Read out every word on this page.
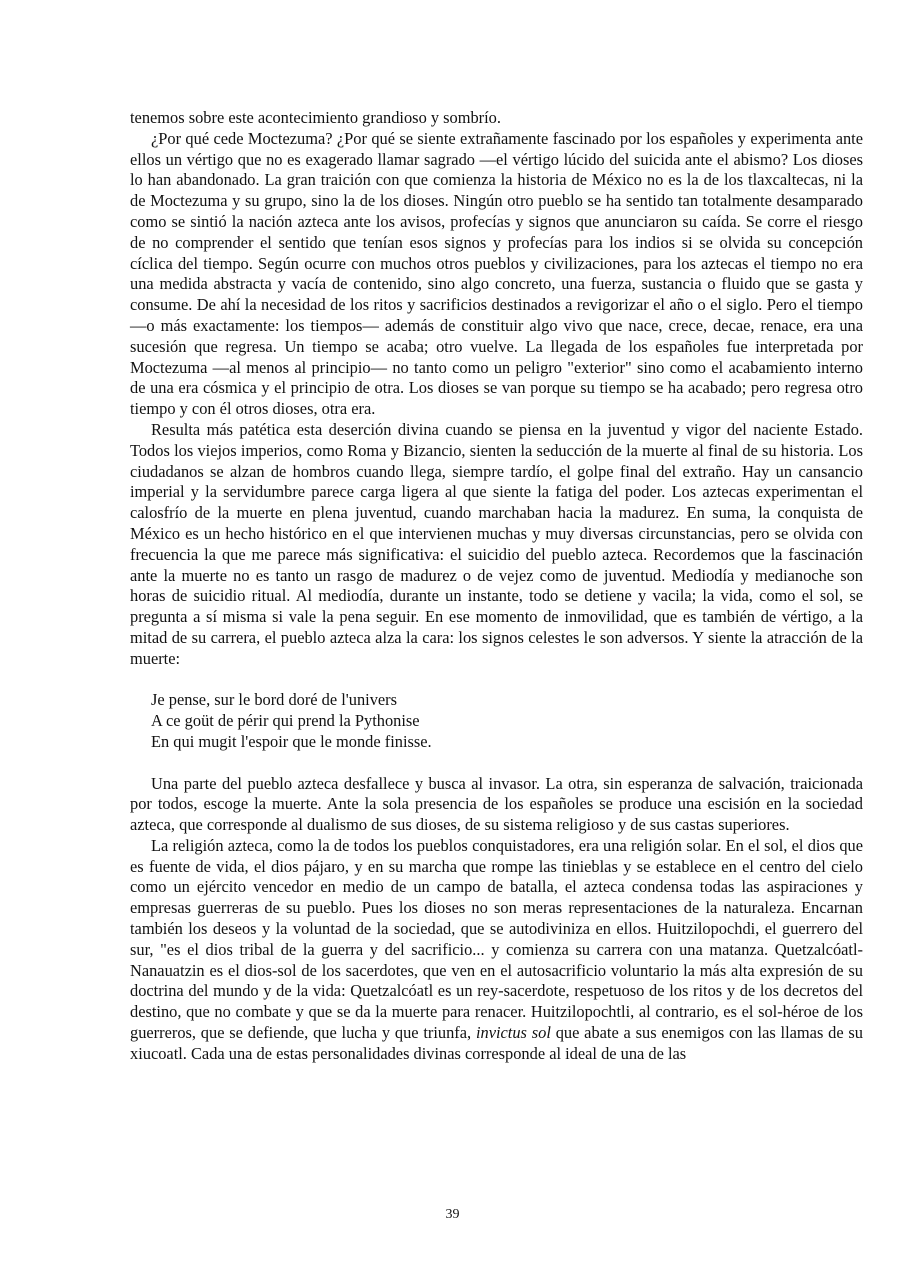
tenemos sobre este acontecimiento grandioso y sombrío.

¿Por qué cede Moctezuma? ¿Por qué se siente extrañamente fascinado por los españoles y experimenta ante ellos un vértigo que no es exagerado llamar sagrado —el vértigo lúcido del suicida ante el abismo? Los dioses lo han abandonado. La gran traición con que comienza la historia de México no es la de los tlaxcaltecas, ni la de Moctezuma y su grupo, sino la de los dioses. Ningún otro pueblo se ha sentido tan totalmente desamparado como se sintió la nación azteca ante los avisos, profecías y signos que anunciaron su caída. Se corre el riesgo de no comprender el sentido que tenían esos signos y profecías para los indios si se olvida su concepción cíclica del tiempo. Según ocurre con muchos otros pueblos y civilizaciones, para los aztecas el tiempo no era una medida abstracta y vacía de contenido, sino algo concreto, una fuerza, sustancia o fluido que se gasta y consume. De ahí la necesidad de los ritos y sacrificios destinados a revigorizar el año o el siglo. Pero el tiempo —o más exactamente: los tiempos— además de constituir algo vivo que nace, crece, decae, renace, era una sucesión que regresa. Un tiempo se acaba; otro vuelve. La llegada de los españoles fue interpretada por Moctezuma —al menos al principio— no tanto como un peligro "exterior" sino como el acabamiento interno de una era cósmica y el principio de otra. Los dioses se van porque su tiempo se ha acabado; pero regresa otro tiempo y con él otros dioses, otra era.

Resulta más patética esta deserción divina cuando se piensa en la juventud y vigor del naciente Estado. Todos los viejos imperios, como Roma y Bizancio, sienten la seducción de la muerte al final de su historia. Los ciudadanos se alzan de hombros cuando llega, siempre tardío, el golpe final del extraño. Hay un cansancio imperial y la servidumbre parece carga ligera al que siente la fatiga del poder. Los aztecas experimentan el calosfrío de la muerte en plena juventud, cuando marchaban hacia la madurez. En suma, la conquista de México es un hecho histórico en el que intervienen muchas y muy diversas circunstancias, pero se olvida con frecuencia la que me parece más significativa: el suicidio del pueblo azteca. Recordemos que la fascinación ante la muerte no es tanto un rasgo de madurez o de vejez como de juventud. Mediodía y medianoche son horas de suicidio ritual. Al mediodía, durante un instante, todo se detiene y vacila; la vida, como el sol, se pregunta a sí misma si vale la pena seguir. En ese momento de inmovilidad, que es también de vértigo, a la mitad de su carrera, el pueblo azteca alza la cara: los signos celestes le son adversos. Y siente la atracción de la muerte:

Je pense, sur le bord doré de l'univers
A ce goüt de périr qui prend la Pythonise
En qui mugit l'espoir que le monde finisse.

Una parte del pueblo azteca desfallece y busca al invasor. La otra, sin esperanza de salvación, traicionada por todos, escoge la muerte. Ante la sola presencia de los españoles se produce una escisión en la sociedad azteca, que corresponde al dualismo de sus dioses, de su sistema religioso y de sus castas superiores.

La religión azteca, como la de todos los pueblos conquistadores, era una religión solar. En el sol, el dios que es fuente de vida, el dios pájaro, y en su marcha que rompe las tinieblas y se establece en el centro del cielo como un ejército vencedor en medio de un campo de batalla, el azteca condensa todas las aspiraciones y empresas guerreras de su pueblo. Pues los dioses no son meras representaciones de la naturaleza. Encarnan también los deseos y la voluntad de la sociedad, que se autodiviniza en ellos. Huitzilopochdi, el guerrero del sur, "es el dios tribal de la guerra y del sacrificio... y comienza su carrera con una matanza. Quetzalcóatl-Nanauatzin es el dios-sol de los sacerdotes, que ven en el autosacrificio voluntario la más alta expresión de su doctrina del mundo y de la vida: Quetzalcóatl es un rey-sacerdote, respetuoso de los ritos y de los decretos del destino, que no combate y que se da la muerte para renacer. Huitzilopochtli, al contrario, es el sol-héroe de los guerreros, que se defiende, que lucha y que triunfa, invictus sol que abate a sus enemigos con las llamas de su xiucoatl. Cada una de estas personalidades divinas corresponde al ideal de una de las

39
